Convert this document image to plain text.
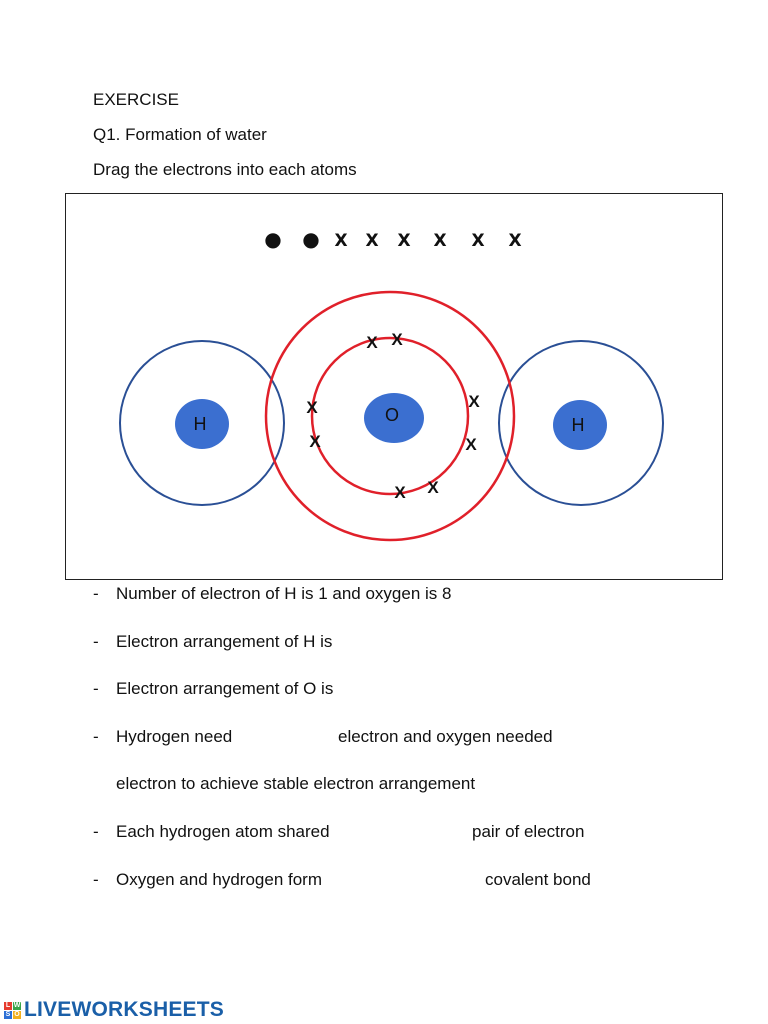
EXERCISE
Q1. Formation of water
Drag the electrons into each atoms
● ● X X X X X X
H	O	H
X X
X
X
X
X
X X
- Number of electron of H is 1 and oxygen is 8
- Electron arrangement of H is
- Electron arrangement of O is
- Hydrogen need	electron and oxygen needed
electron to achieve stable electron arrangement
- Each hydrogen atom shared	pair of electron
- Oxygen and hydrogen form	covalent bond
L W
S O LIVEWORKSHEETS
